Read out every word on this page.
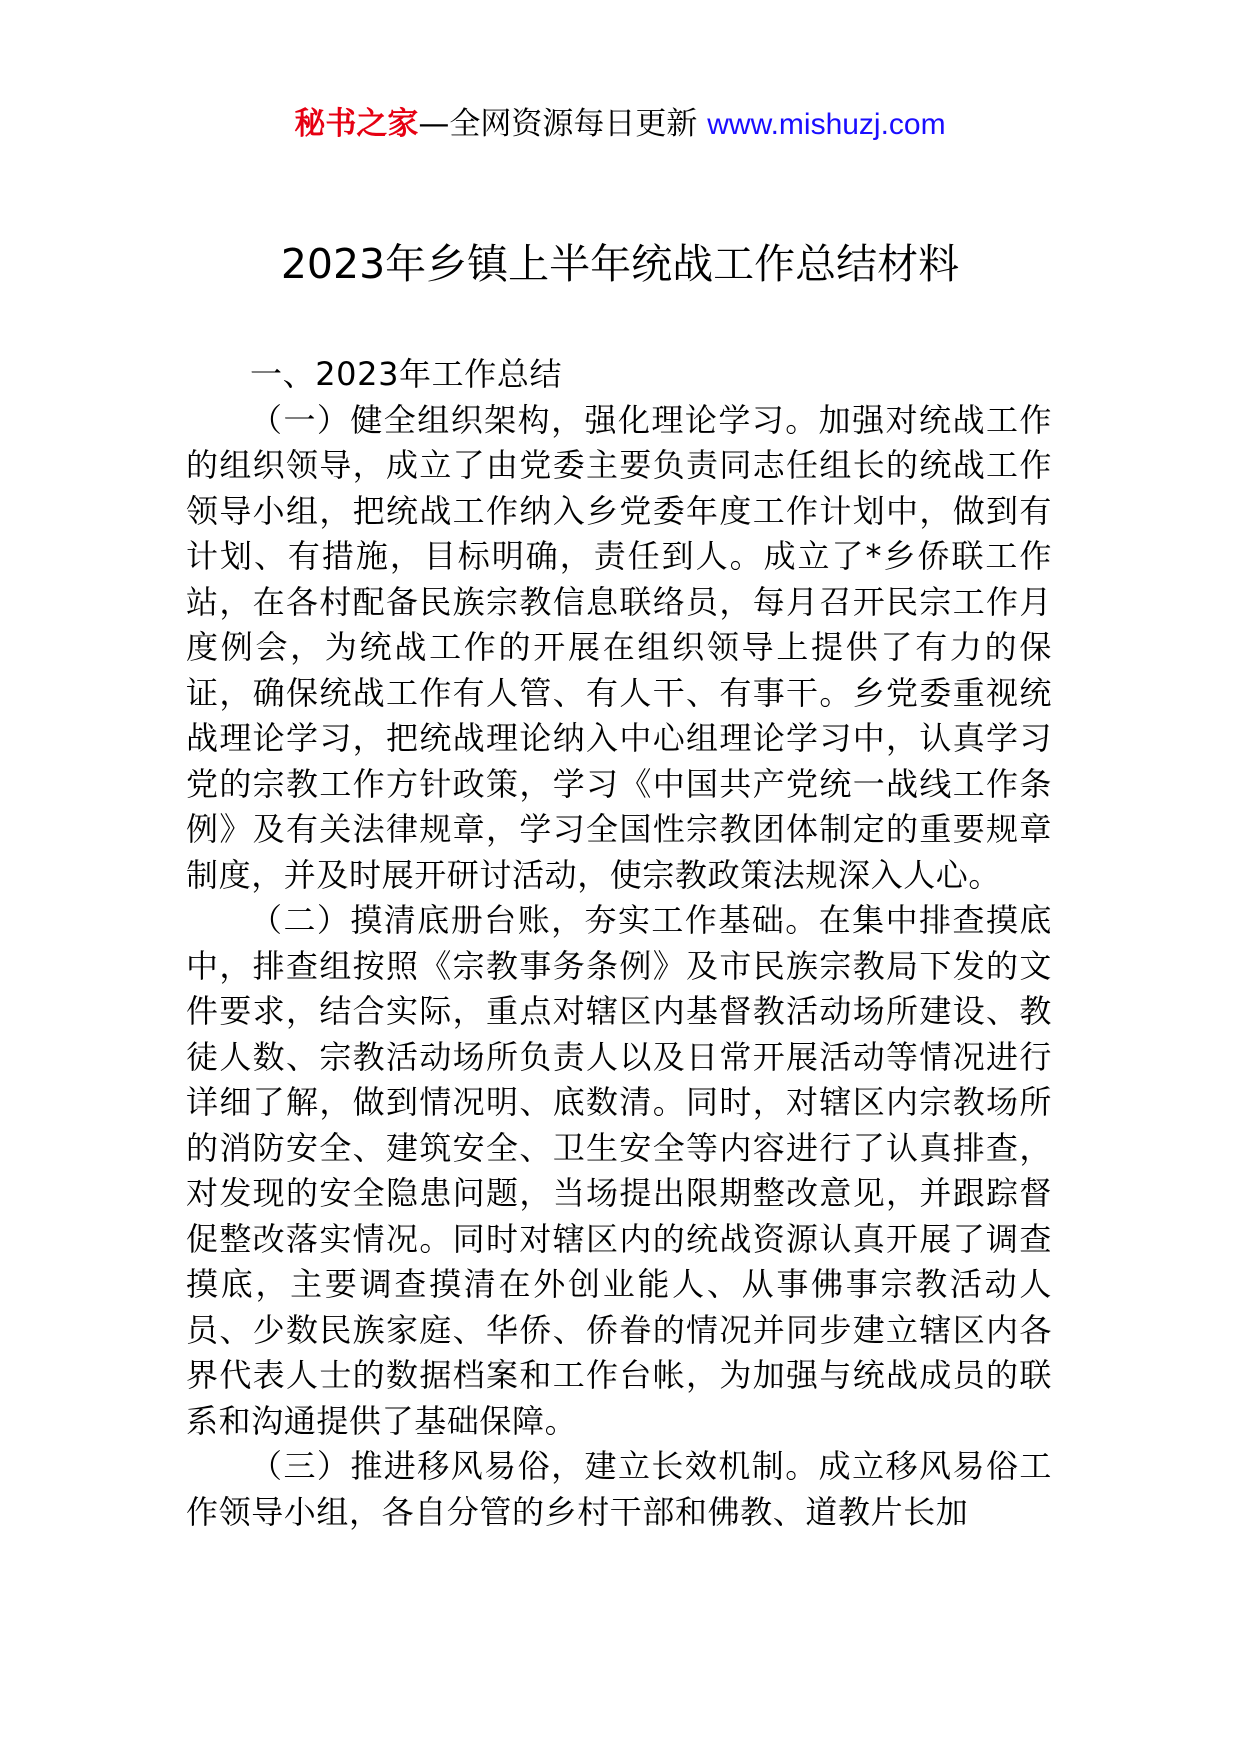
秘书之家—全网资源每日更新 www.mishuzj.com
2023年乡镇上半年统战工作总结材料

一、2023年工作总结

（一）健全组织架构，强化理论学习。加强对统战工作的组织领导，成立了由党委主要负责同志任组长的统战工作领导小组，把统战工作纳入乡党委年度工作计划中，做到有计划、有措施，目标明确，责任到人。成立了*乡侨联工作站，在各村配备民族宗教信息联络员，每月召开民宗工作月度例会，为统战工作的开展在组织领导上提供了有力的保证，确保统战工作有人管、有人干、有事干。乡党委重视统战理论学习，把统战理论纳入中心组理论学习中，认真学习党的宗教工作方针政策，学习《中国共产党统一战线工作条例》及有关法律规章，学习全国性宗教团体制定的重要规章制度，并及时展开研讨活动，使宗教政策法规深入人心。

（二）摸清底册台账，夯实工作基础。在集中排查摸底中，排查组按照《宗教事务条例》及市民族宗教局下发的文件要求，结合实际，重点对辖区内基督教活动场所建设、教徒人数、宗教活动场所负责人以及日常开展活动等情况进行详细了解，做到情况明、底数清。同时，对辖区内宗教场所的消防安全、建筑安全、卫生安全等内容进行了认真排查，对发现的安全隐患问题，当场提出限期整改意见，并跟踪督促整改落实情况。同时对辖区内的统战资源认真开展了调查摸底，主要调查摸清在外创业能人、从事佛事宗教活动人员、少数民族家庭、华侨、侨眷的情况并同步建立辖区内各界代表人士的数据档案和工作台帐，为加强与统战成员的联系和沟通提供了基础保障。

（三）推进移风易俗，建立长效机制。成立移风易俗工作领导小组，各自分管的乡村干部和佛教、道教片长加
